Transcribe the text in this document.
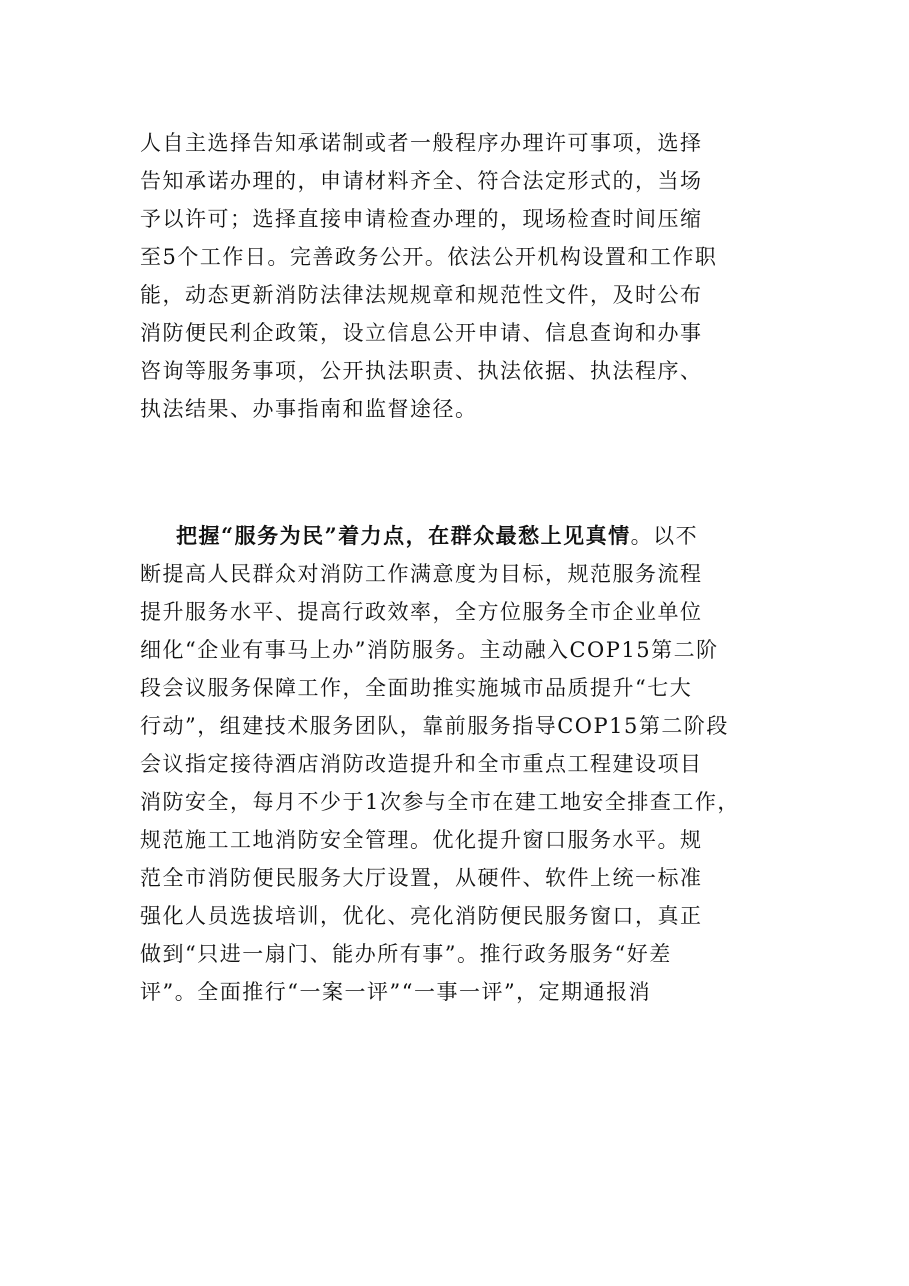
人自主选择告知承诺制或者一般程序办理许可事项，选择
告知承诺办理的，申请材料齐全、符合法定形式的，当场
予以许可；选择直接申请检查办理的，现场检查时间压缩
至5个工作日。完善政务公开。依法公开机构设置和工作职
能，动态更新消防法律法规规章和规范性文件，及时公布
消防便民利企政策，设立信息公开申请、信息查询和办事
咨询等服务事项，公开执法职责、执法依据、执法程序、
执法结果、办事指南和监督途径。
把握“服务为民”着力点，在群众最愁上见真情。以不
断提高人民群众对消防工作满意度为目标，规范服务流程
提升服务水平、提高行政效率，全方位服务全市企业单位
细化“企业有事马上办”消防服务。主动融入COP15第二阶
段会议服务保障工作，全面助推实施城市品质提升“七大
行动”，组建技术服务团队，靠前服务指导COP15第二阶段
会议指定接待酒店消防改造提升和全市重点工程建设项目
消防安全，每月不少于1次参与全市在建工地安全排查工作，
规范施工工地消防安全管理。优化提升窗口服务水平。规
范全市消防便民服务大厅设置，从硬件、软件上统一标准
强化人员选拔培训，优化、亮化消防便民服务窗口，真正
做到“只进一扇门、能办所有事”。推行政务服务“好差
评”。全面推行“一案一评”“一事一评”，定期通报消
